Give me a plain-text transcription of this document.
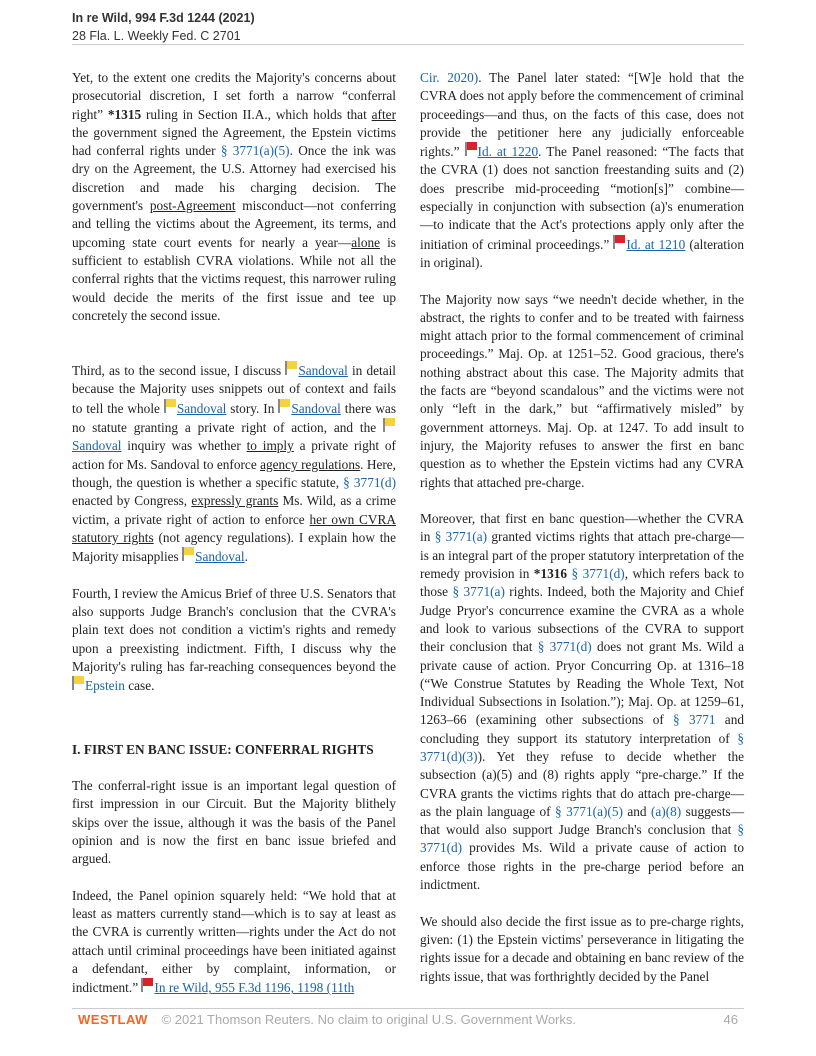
In re Wild, 994 F.3d 1244 (2021)
28 Fla. L. Weekly Fed. C 2701

Yet, to the extent one credits the Majority's concerns about prosecutorial discretion, I set forth a narrow “conferral right” *1315 ruling in Section II.A., which holds that after the government signed the Agreement, the Epstein victims had conferral rights under § 3771(a)(5). Once the ink was dry on the Agreement, the U.S. Attorney had exercised his discretion and made his charging decision. The government's post-Agreement misconduct—not conferring and telling the victims about the Agreement, its terms, and upcoming state court events for nearly a year—alone is sufficient to establish CVRA violations. While not all the conferral rights that the victims request, this narrower ruling would decide the merits of the first issue and tee up concretely the second issue.

Third, as to the second issue, I discuss Sandoval in detail because the Majority uses snippets out of context and fails to tell the whole Sandoval story. In Sandoval there was no statute granting a private right of action, and the Sandoval inquiry was whether to imply a private right of action for Ms. Sandoval to enforce agency regulations. Here, though, the question is whether a specific statute, § 3771(d) enacted by Congress, expressly grants Ms. Wild, as a crime victim, a private right of action to enforce her own CVRA statutory rights (not agency regulations). I explain how the Majority misapplies Sandoval.

Fourth, I review the Amicus Brief of three U.S. Senators that also supports Judge Branch's conclusion that the CVRA's plain text does not condition a victim's rights and remedy upon a preexisting indictment. Fifth, I discuss why the Majority's ruling has far-reaching consequences beyond the Epstein case.

I. FIRST EN BANC ISSUE: CONFERRAL RIGHTS

The conferral-right issue is an important legal question of first impression in our Circuit. But the Majority blithely skips over the issue, although it was the basis of the Panel opinion and is now the first en banc issue briefed and argued.

Indeed, the Panel opinion squarely held: “We hold that at least as matters currently stand—which is to say at least as the CVRA is currently written—rights under the Act do not attach until criminal proceedings have been initiated against a defendant, either by complaint, information, or indictment.” In re Wild, 955 F.3d 1196, 1198 (11th

Cir. 2020). The Panel later stated: “[W]e hold that the CVRA does not apply before the commencement of criminal proceedings—and thus, on the facts of this case, does not provide the petitioner here any judicially enforceable rights.” Id. at 1220. The Panel reasoned: “The facts that the CVRA (1) does not sanction freestanding suits and (2) does prescribe mid-proceeding “motion[s]” combine—especially in conjunction with subsection (a)'s enumeration—to indicate that the Act's protections apply only after the initiation of criminal proceedings.” Id. at 1210 (alteration in original).

The Majority now says “we needn't decide whether, in the abstract, the rights to confer and to be treated with fairness might attach prior to the formal commencement of criminal proceedings.” Maj. Op. at 1251–52. Good gracious, there's nothing abstract about this case. The Majority admits that the facts are “beyond scandalous” and the victims were not only “left in the dark,” but “affirmatively misled” by government attorneys. Maj. Op. at 1247. To add insult to injury, the Majority refuses to answer the first en banc question as to whether the Epstein victims had any CVRA rights that attached pre-charge.

Moreover, that first en banc question—whether the CVRA in § 3771(a) granted victims rights that attach pre-charge—is an integral part of the proper statutory interpretation of the remedy provision in *1316 § 3771(d), which refers back to those § 3771(a) rights. Indeed, both the Majority and Chief Judge Pryor's concurrence examine the CVRA as a whole and look to various subsections of the CVRA to support their conclusion that § 3771(d) does not grant Ms. Wild a private cause of action. Pryor Concurring Op. at 1316–18 (“We Construe Statutes by Reading the Whole Text, Not Individual Subsections in Isolation.”); Maj. Op. at 1259–61, 1263–66 (examining other subsections of § 3771 and concluding they support its statutory interpretation of § 3771(d)(3)). Yet they refuse to decide whether the subsection (a)(5) and (8) rights apply “pre-charge.” If the CVRA grants the victims rights that do attach pre-charge—as the plain language of § 3771(a)(5) and (a)(8) suggests—that would also support Judge Branch's conclusion that § 3771(d) provides Ms. Wild a private cause of action to enforce those rights in the pre-charge period before an indictment.

We should also decide the first issue as to pre-charge rights, given: (1) the Epstein victims' perseverance in litigating the rights issue for a decade and obtaining en banc review of the rights issue, that was forthrightly decided by the Panel

WESTLAW © 2021 Thomson Reuters. No claim to original U.S. Government Works.	46
